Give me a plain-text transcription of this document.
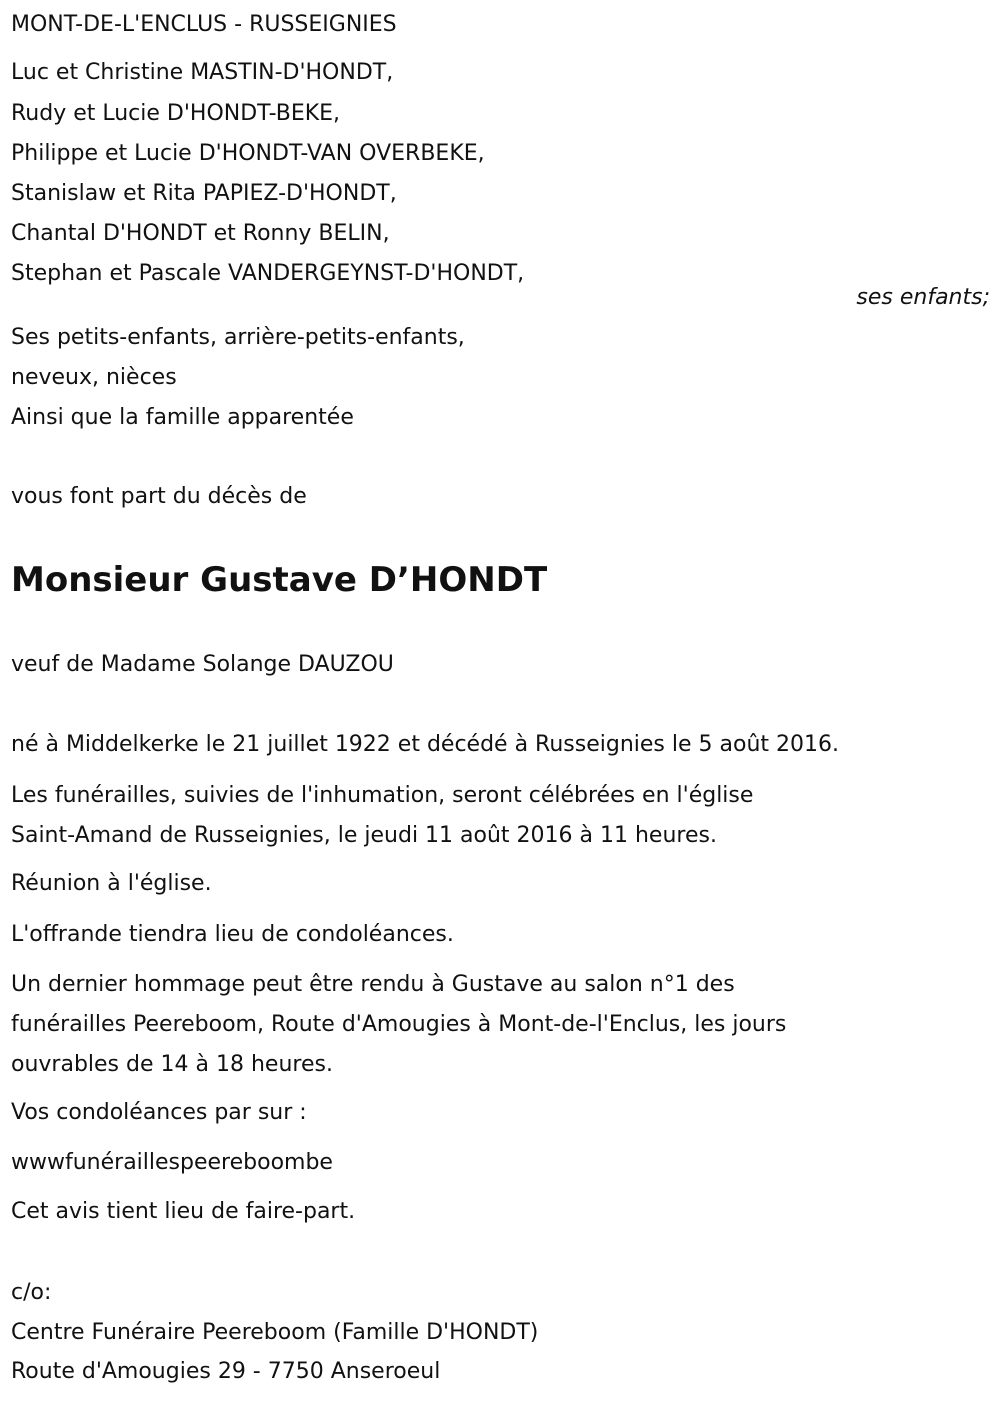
MONT-DE-L'ENCLUS - RUSSEIGNIES
Luc et Christine MASTIN-D'HONDT,
Rudy et Lucie D'HONDT-BEKE,
Philippe et Lucie D'HONDT-VAN OVERBEKE,
Stanislaw et Rita PAPIEZ-D'HONDT,
Chantal D'HONDT et Ronny BELIN,
Stephan et Pascale VANDERGEYNST-D'HONDT,
ses enfants;
Ses petits-enfants, arrière-petits-enfants,
neveux, nièces
Ainsi que la famille apparentée
vous font part du décès de
Monsieur Gustave D’HONDT
veuf de Madame Solange DAUZOU
né à Middelkerke le 21 juillet 1922 et décédé à Russeignies le 5 août 2016.
Les funérailles, suivies de l'inhumation, seront célébrées en l'église
Saint-Amand de Russeignies, le jeudi 11 août 2016 à 11 heures.
Réunion à l'église.
L'offrande tiendra lieu de condoléances.
Un dernier hommage peut être rendu à Gustave au salon n°1 des
funérailles Peereboom, Route d'Amougies à Mont-de-l'Enclus, les jours
ouvrables de 14 à 18 heures.
Vos condoléances par sur :
wwwfunéraillespeereboombe
Cet avis tient lieu de faire-part.
c/o:
Centre Funéraire Peereboom (Famille D'HONDT)
Route d'Amougies 29 - 7750 Anseroeul
